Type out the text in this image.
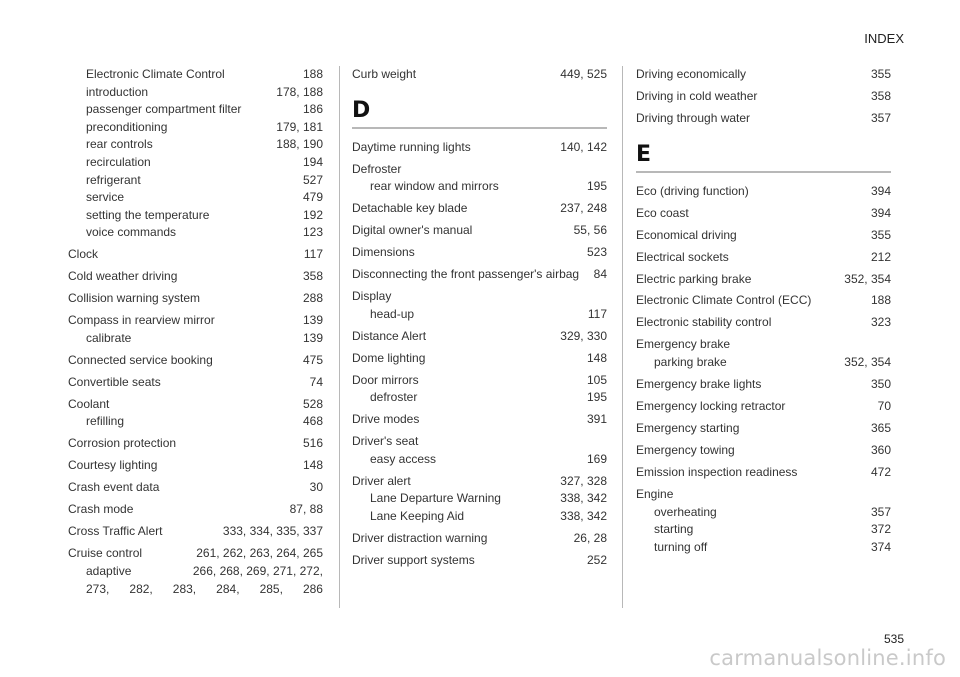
INDEX
Electronic Climate Control	188
introduction	178, 188
passenger compartment filter	186
preconditioning	179, 181
rear controls	188, 190
recirculation	194
refrigerant	527
service	479
setting the temperature	192
voice commands	123
Clock	117
Cold weather driving	358
Collision warning system	288
Compass in rearview mirror	139
calibrate	139
Connected service booking	475
Convertible seats	74
Coolant	528
refilling	468
Corrosion protection	516
Courtesy lighting	148
Crash event data	30
Crash mode	87, 88
Cross Traffic Alert	333, 334, 335, 337
Cruise control	261, 262, 263, 264, 265
adaptive	266, 268, 269, 271, 272,
273, 282, 283, 284, 285, 286
Curb weight	449, 525
D
Daytime running lights	140, 142
Defroster
rear window and mirrors	195
Detachable key blade	237, 248
Digital owner's manual	55, 56
Dimensions	523
Disconnecting the front passenger's airbag 84
Display
head-up	117
Distance Alert	329, 330
Dome lighting	148
Door mirrors	105
defroster	195
Drive modes	391
Driver's seat
easy access	169
Driver alert	327, 328
Lane Departure Warning	338, 342
Lane Keeping Aid	338, 342
Driver distraction warning	26, 28
Driver support systems	252
Driving economically	355
Driving in cold weather	358
Driving through water	357
E
Eco (driving function)	394
Eco coast	394
Economical driving	355
Electrical sockets	212
Electric parking brake	352, 354
Electronic Climate Control (ECC)	188
Electronic stability control	323
Emergency brake
parking brake	352, 354
Emergency brake lights	350
Emergency locking retractor	70
Emergency starting	365
Emergency towing	360
Emission inspection readiness	472
Engine
overheating	357
starting	372
turning off	374
535
carmanualsonline.info
